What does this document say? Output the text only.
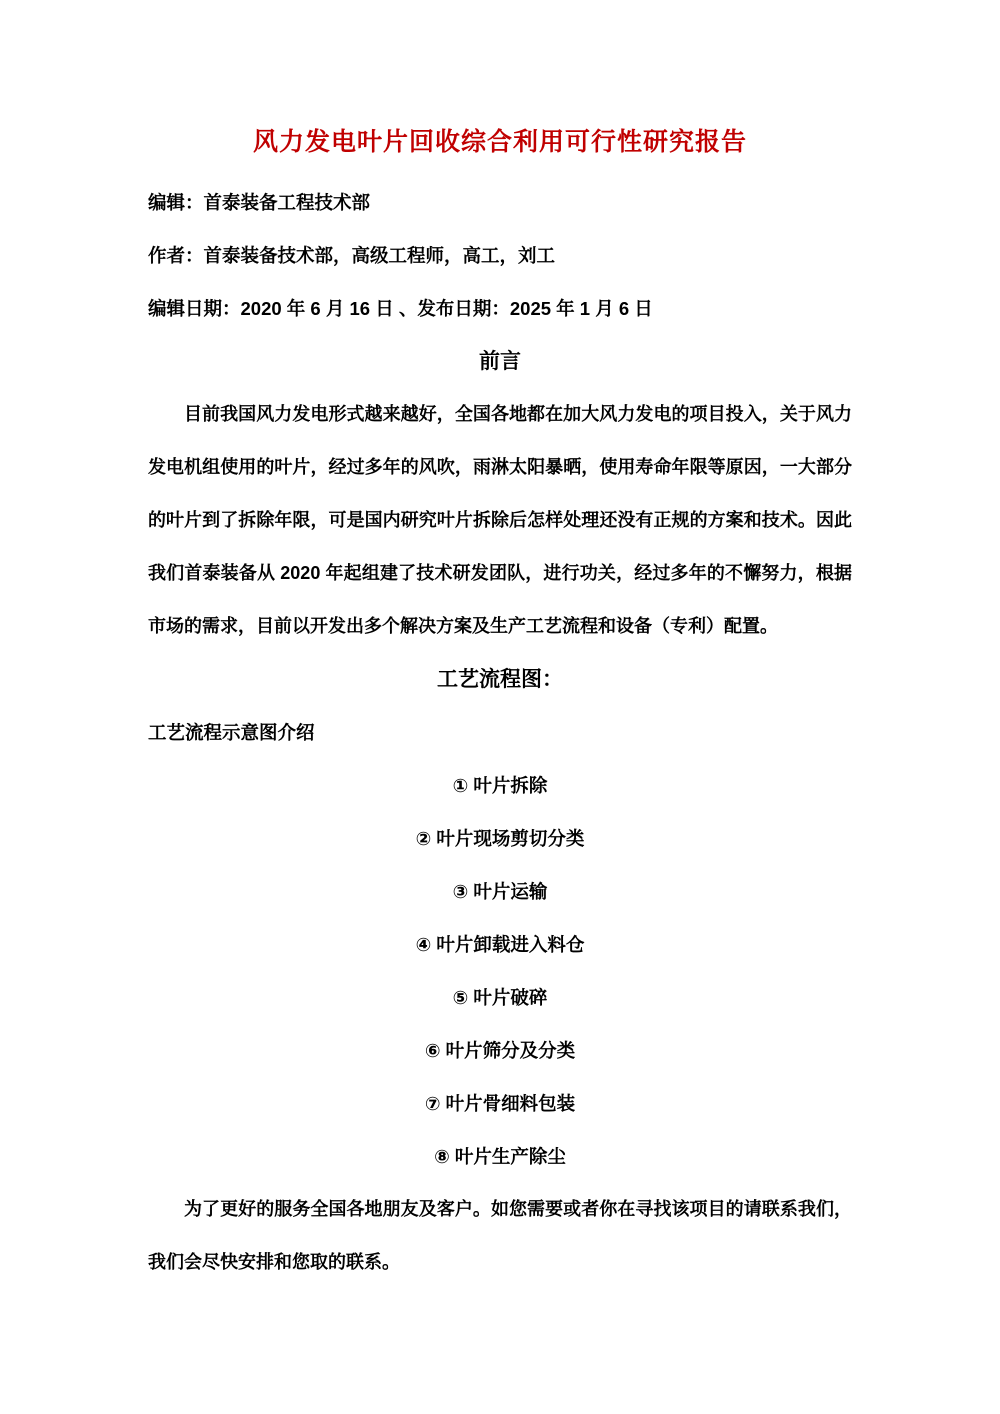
风力发电叶片回收综合利用可行性研究报告

编辑：首泰装备工程技术部

作者：首泰装备技术部，高级工程师，高工，刘工

编辑日期：2020 年 6 月 16 日 、发布日期：2025 年 1 月 6 日

前言

目前我国风力发电形式越来越好，全国各地都在加大风力发电的项目投入，关于风力发电机组使用的叶片，经过多年的风吹，雨淋太阳暴晒，使用寿命年限等原因，一大部分的叶片到了拆除年限，可是国内研究叶片拆除后怎样处理还没有正规的方案和技术。因此我们首泰装备从 2020 年起组建了技术研发团队，进行功关，经过多年的不懈努力，根据市场的需求，目前以开发出多个解决方案及生产工艺流程和设备（专利）配置。

工艺流程图：

工艺流程示意图介绍

① 叶片拆除

② 叶片现场剪切分类

③ 叶片运输

④ 叶片卸载进入料仓

⑤ 叶片破碎

⑥ 叶片筛分及分类

⑦ 叶片骨细料包装

⑧ 叶片生产除尘

为了更好的服务全国各地朋友及客户。如您需要或者你在寻找该项目的请联系我们，我们会尽快安排和您取的联系。
